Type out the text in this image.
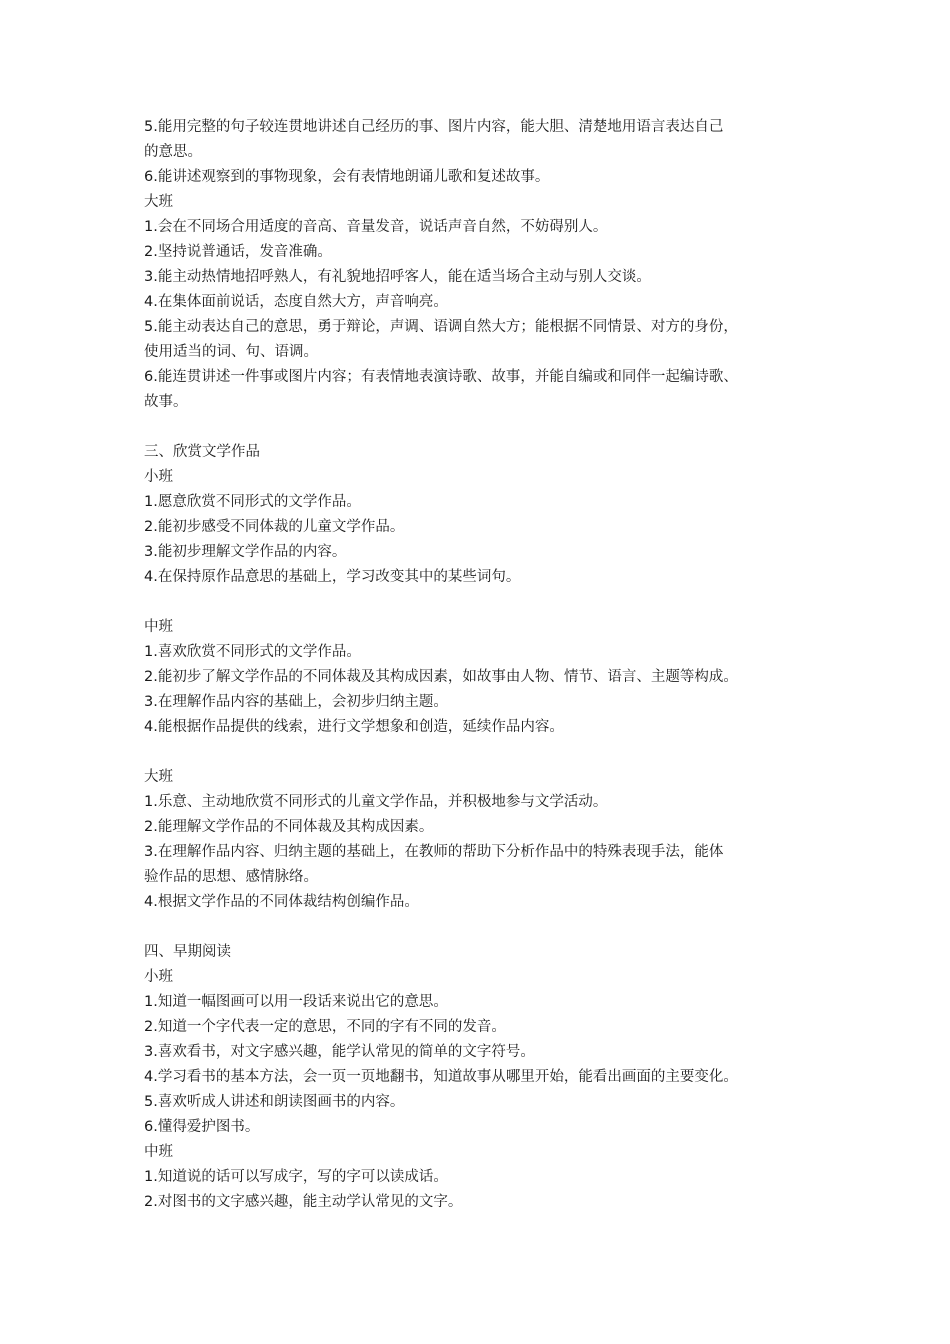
5.能用完整的句子较连贯地讲述自己经历的事、图片内容，能大胆、清楚地用语言表达自己
的意思。
6.能讲述观察到的事物现象，会有表情地朗诵儿歌和复述故事。
大班
1.会在不同场合用适度的音高、音量发音，说话声音自然，不妨碍别人。
2.坚持说普通话，发音准确。
3.能主动热情地招呼熟人，有礼貌地招呼客人，能在适当场合主动与别人交谈。
4.在集体面前说话，态度自然大方，声音响亮。
5.能主动表达自己的意思，勇于辩论，声调、语调自然大方；能根据不同情景、对方的身份，
使用适当的词、句、语调。
6.能连贯讲述一件事或图片内容；有表情地表演诗歌、故事，并能自编或和同伴一起编诗歌、
故事。
三、欣赏文学作品
小班
1.愿意欣赏不同形式的文学作品。
2.能初步感受不同体裁的儿童文学作品。
3.能初步理解文学作品的内容。
4.在保持原作品意思的基础上，学习改变其中的某些词句。
中班
1.喜欢欣赏不同形式的文学作品。
2.能初步了解文学作品的不同体裁及其构成因素，如故事由人物、情节、语言、主题等构成。
3.在理解作品内容的基础上，会初步归纳主题。
4.能根据作品提供的线索，进行文学想象和创造，延续作品内容。
大班
1.乐意、主动地欣赏不同形式的儿童文学作品，并积极地参与文学活动。
2.能理解文学作品的不同体裁及其构成因素。
3.在理解作品内容、归纳主题的基础上，在教师的帮助下分析作品中的特殊表现手法，能体
验作品的思想、感情脉络。
4.根据文学作品的不同体裁结构创编作品。
四、早期阅读
小班
1.知道一幅图画可以用一段话来说出它的意思。
2.知道一个字代表一定的意思，不同的字有不同的发音。
3.喜欢看书，对文字感兴趣，能学认常见的简单的文字符号。
4.学习看书的基本方法，会一页一页地翻书，知道故事从哪里开始，能看出画面的主要变化。
5.喜欢听成人讲述和朗读图画书的内容。
6.懂得爱护图书。
中班
1.知道说的话可以写成字，写的字可以读成话。
2.对图书的文字感兴趣，能主动学认常见的文字。
